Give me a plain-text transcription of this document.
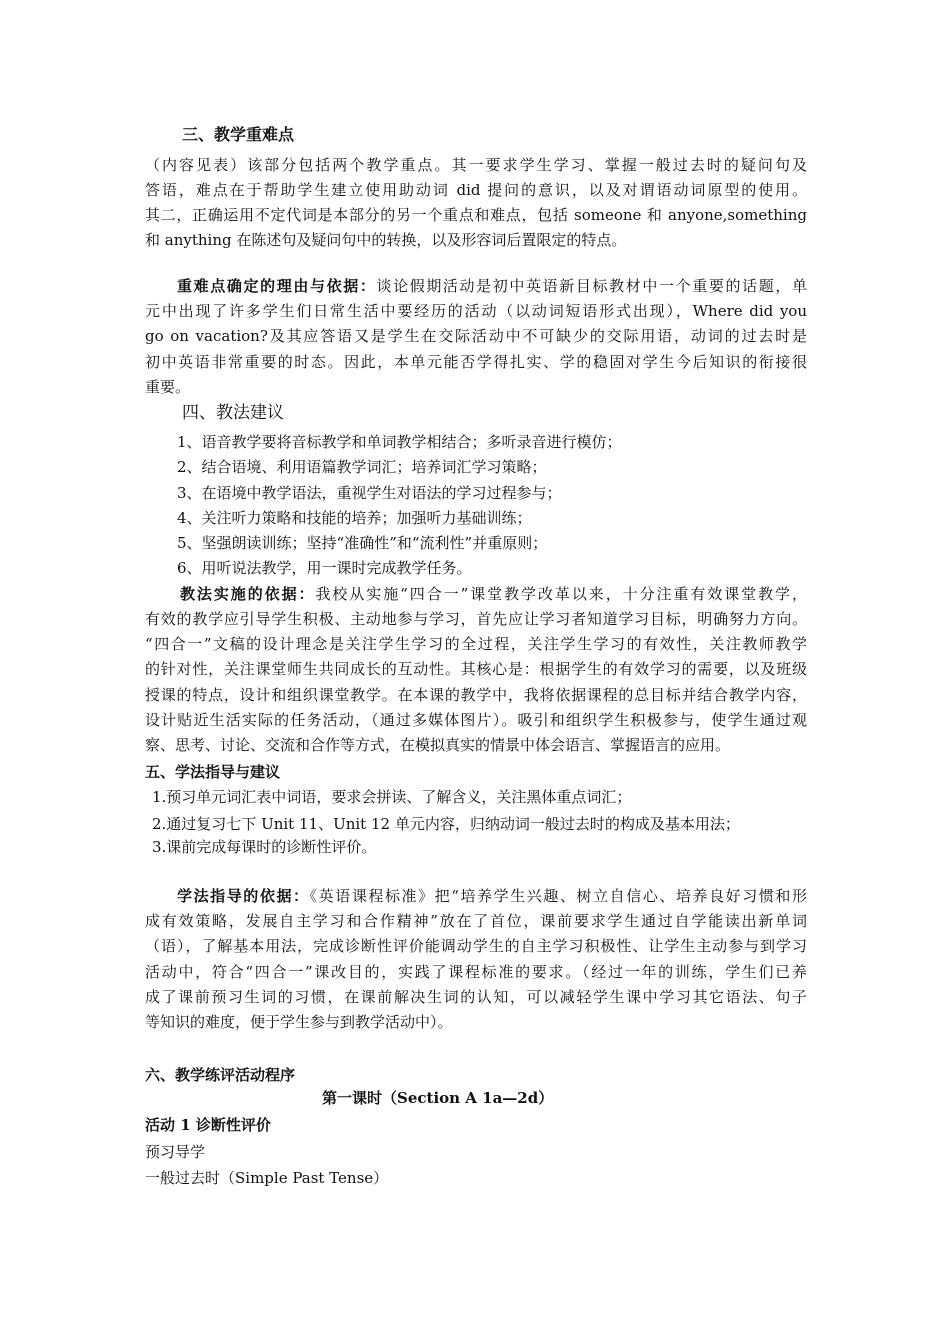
三、教学重难点
（内容见表）该部分包括两个教学重点。其一要求学生学习、掌握一般过去时的疑问句及
答语，难点在于帮助学生建立使用助动词 did 提问的意识，以及对谓语动词原型的使用。
其二，正确运用不定代词是本部分的另一个重点和难点，包括 someone 和 anyone,something
和 anything 在陈述句及疑问句中的转换，以及形容词后置限定的特点。
重难点确定的理由与依据：谈论假期活动是初中英语新目标教材中一个重要的话题，单
元中出现了许多学生们日常生活中要经历的活动（以动词短语形式出现），Where did you
go on vacation?及其应答语又是学生在交际活动中不可缺少的交际用语，动词的过去时是
初中英语非常重要的时态。因此，本单元能否学得扎实、学的稳固对学生今后知识的衔接很
重要。
四、教法建议
1、语音教学要将音标教学和单词教学相结合；多听录音进行模仿；
2、结合语境、利用语篇教学词汇；培养词汇学习策略；
3、在语境中教学语法，重视学生对语法的学习过程参与；
4、关注听力策略和技能的培养；加强听力基础训练；
5、坚强朗读训练；坚持“准确性”和“流利性”并重原则；
6、用听说法教学，用一课时完成教学任务。
教法实施的依据：我校从实施“四合一”课堂教学改革以来，十分注重有效课堂教学，
有效的教学应引导学生积极、主动地参与学习，首先应让学习者知道学习目标，明确努力方向。
“四合一”文稿的设计理念是关注学生学习的全过程，关注学生学习的有效性，关注教师教学
的针对性，关注课堂师生共同成长的互动性。其核心是：根据学生的有效学习的需要，以及班级
授课的特点，设计和组织课堂教学。在本课的教学中，我将依据课程的总目标并结合教学内容，
设计贴近生活实际的任务活动，（通过多媒体图片）。吸引和组织学生积极参与，使学生通过观
察、思考、讨论、交流和合作等方式，在模拟真实的情景中体会语言、掌握语言的应用。
五、学法指导与建议
1.预习单元词汇表中词语，要求会拼读、了解含义，关注黑体重点词汇；
2.通过复习七下 Unit 11、Unit 12 单元内容，归纳动词一般过去时的构成及基本用法；
3.课前完成每课时的诊断性评价。
学法指导的依据：《英语课程标准》把“培养学生兴趣、树立自信心、培养良好习惯和形
成有效策略，发展自主学习和合作精神”放在了首位，课前要求学生通过自学能读出新单词
（语），了解基本用法，完成诊断性评价能调动学生的自主学习积极性、让学生主动参与到学习
活动中，符合“四合一”课改目的，实践了课程标准的要求。（经过一年的训练，学生们已养
成了课前预习生词的习惯，在课前解决生词的认知，可以减轻学生课中学习其它语法、句子
等知识的难度，便于学生参与到教学活动中）。
六、教学练评活动程序
第一课时（Section A 1a—2d）
活动 1 诊断性评价
预习导学
一般过去时（Simple Past Tense）
